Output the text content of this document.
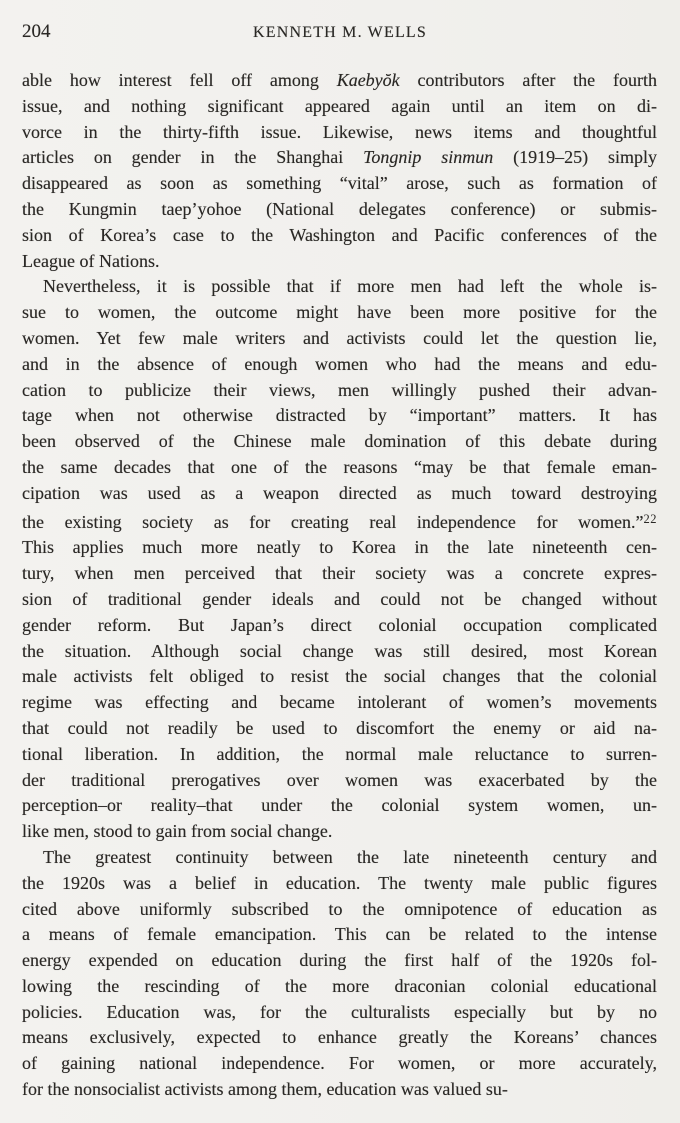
204	KENNETH M. WELLS
able how interest fell off among Kaebyŏk contributors after the fourth
issue, and nothing significant appeared again until an item on di-
vorce in the thirty-fifth issue. Likewise, news items and thoughtful
articles on gender in the Shanghai Tongnip sinmun (1919–25) simply
disappeared as soon as something “vital” arose, such as formation of
the Kungmin taep’yohoe (National delegates conference) or submis-
sion of Korea’s case to the Washington and Pacific conferences of the
League of Nations.
Nevertheless, it is possible that if more men had left the whole is-
sue to women, the outcome might have been more positive for the
women. Yet few male writers and activists could let the question lie,
and in the absence of enough women who had the means and edu-
cation to publicize their views, men willingly pushed their advan-
tage when not otherwise distracted by “important” matters. It has
been observed of the Chinese male domination of this debate during
the same decades that one of the reasons “may be that female eman-
cipation was used as a weapon directed as much toward destroying
the existing society as for creating real independence for women.”$^{22}$
This applies much more neatly to Korea in the late nineteenth cen-
tury, when men perceived that their society was a concrete expres-
sion of traditional gender ideals and could not be changed without
gender reform. But Japan’s direct colonial occupation complicated
the situation. Although social change was still desired, most Korean
male activists felt obliged to resist the social changes that the colonial
regime was effecting and became intolerant of women’s movements
that could not readily be used to discomfort the enemy or aid na-
tional liberation. In addition, the normal male reluctance to surren-
der traditional prerogatives over women was exacerbated by the
perception–or reality–that under the colonial system women, un-
like men, stood to gain from social change.
The greatest continuity between the late nineteenth century and
the 1920s was a belief in education. The twenty male public figures
cited above uniformly subscribed to the omnipotence of education as
a means of female emancipation. This can be related to the intense
energy expended on education during the first half of the 1920s fol-
lowing the rescinding of the more draconian colonial educational
policies. Education was, for the culturalists especially but by no
means exclusively, expected to enhance greatly the Koreans’ chances
of gaining national independence. For women, or more accurately,
for the nonsocialist activists among them, education was valued su-
